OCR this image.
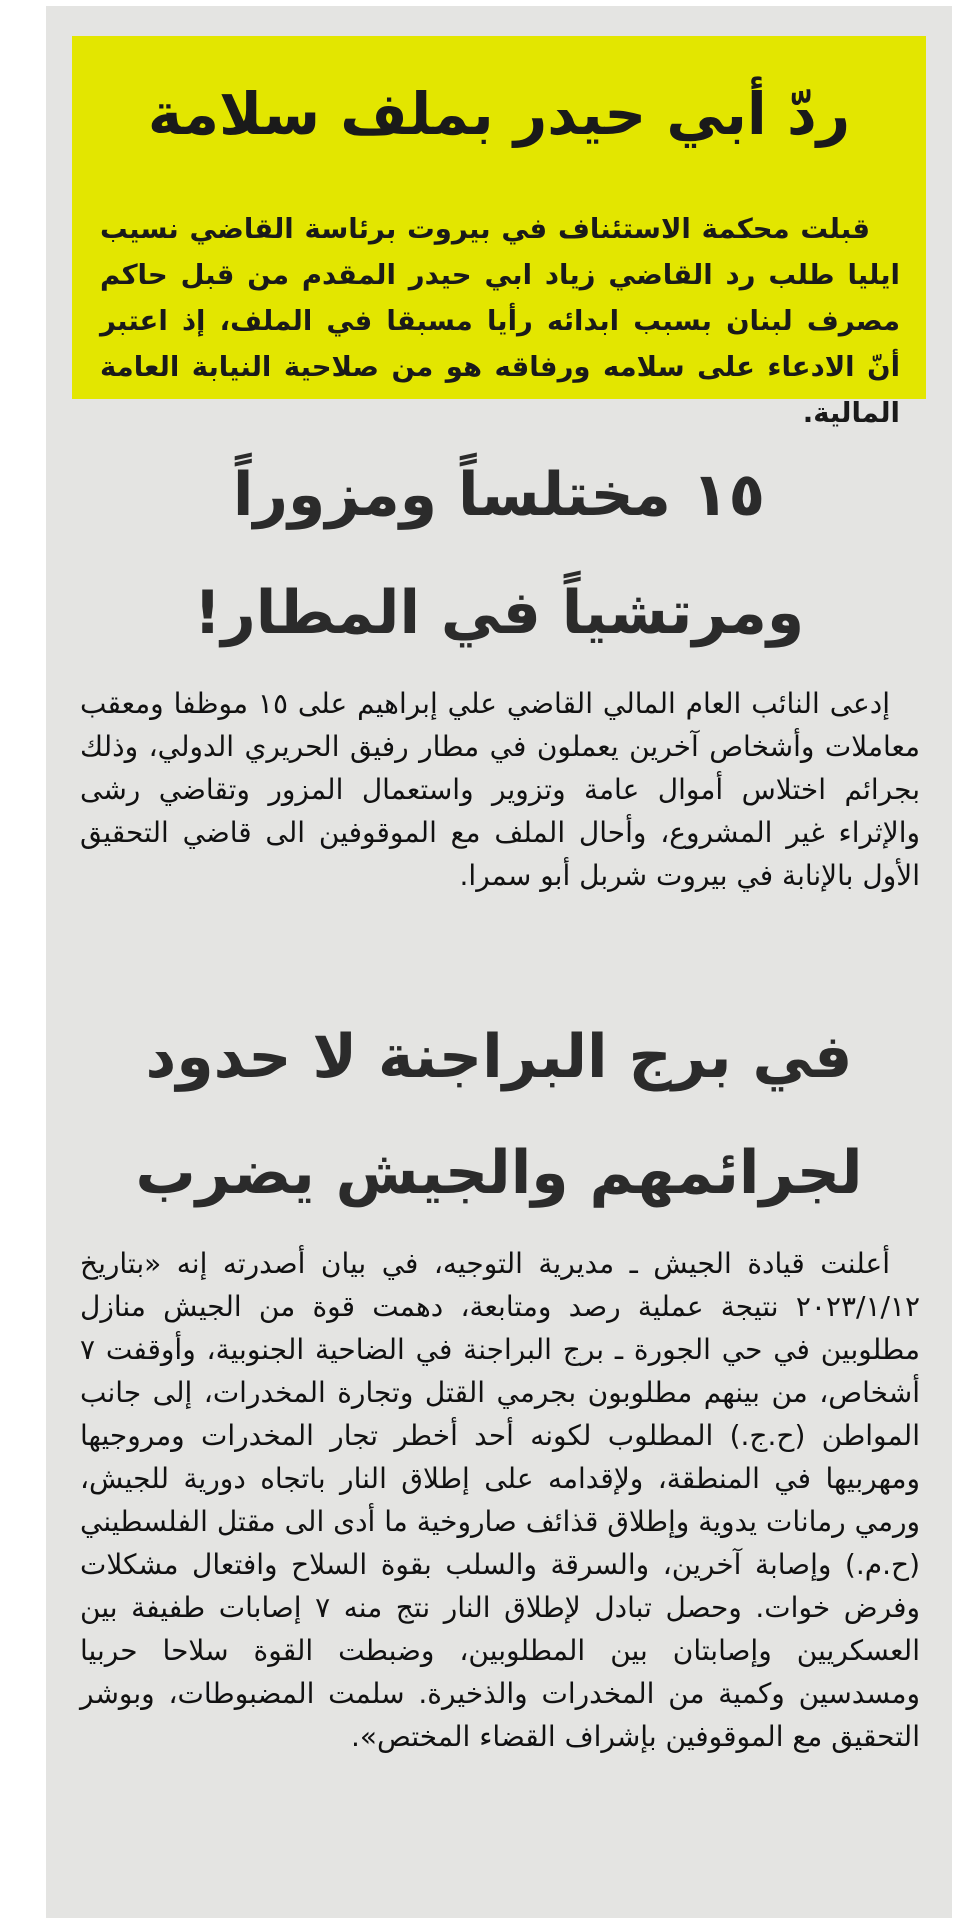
ردّ أبي حيدر بملف سلامة
قبلت محكمة الاستئناف في بيروت برئاسة القاضي نسيب ايليا طلب رد القاضي زياد ابي حيدر المقدم من قبل حاكم مصرف لبنان بسبب ابدائه رأيا مسبقا في الملف، إذ اعتبر أنّ الادعاء على سلامه ورفاقه هو من صلاحية النيابة العامة المالية.
١٥ مختلساً ومزوراً
ومرتشياً في المطار!
إدعى النائب العام المالي القاضي علي إبراهيم على ١٥ موظفا ومعقب معاملات وأشخاص آخرين يعملون في مطار رفيق الحريري الدولي، وذلك بجرائم اختلاس أموال عامة وتزوير واستعمال المزور وتقاضي رشى والإثراء غير المشروع، وأحال الملف مع الموقوفين الى قاضي التحقيق الأول بالإنابة في بيروت شربل أبو سمرا.
في برج البراجنة لا حدود
لجرائمهم والجيش يضرب
أعلنت قيادة الجيش ـ مديرية التوجيه، في بيان أصدرته إنه «بتاريخ ٢٠٢٣/١/١٢ نتيجة عملية رصد ومتابعة، دهمت قوة من الجيش منازل مطلوبين في حي الجورة ـ برج البراجنة في الضاحية الجنوبية، وأوقفت ٧ أشخاص، من بينهم مطلوبون بجرمي القتل وتجارة المخدرات، إلى جانب المواطن (ح.ج.) المطلوب لكونه أحد أخطر تجار المخدرات ومروجيها ومهربيها في المنطقة، ولإقدامه على إطلاق النار باتجاه دورية للجيش، ورمي رمانات يدوية وإطلاق قذائف صاروخية ما أدى الى مقتل الفلسطيني (ح.م.) وإصابة آخرين، والسرقة والسلب بقوة السلاح وافتعال مشكلات وفرض خوات. وحصل تبادل لإطلاق النار نتج منه ٧ إصابات طفيفة بين العسكريين وإصابتان بين المطلوبين، وضبطت القوة سلاحا حربيا ومسدسين وكمية من المخدرات والذخيرة. سلمت المضبوطات، وبوشر التحقيق مع الموقوفين بإشراف القضاء المختص».
